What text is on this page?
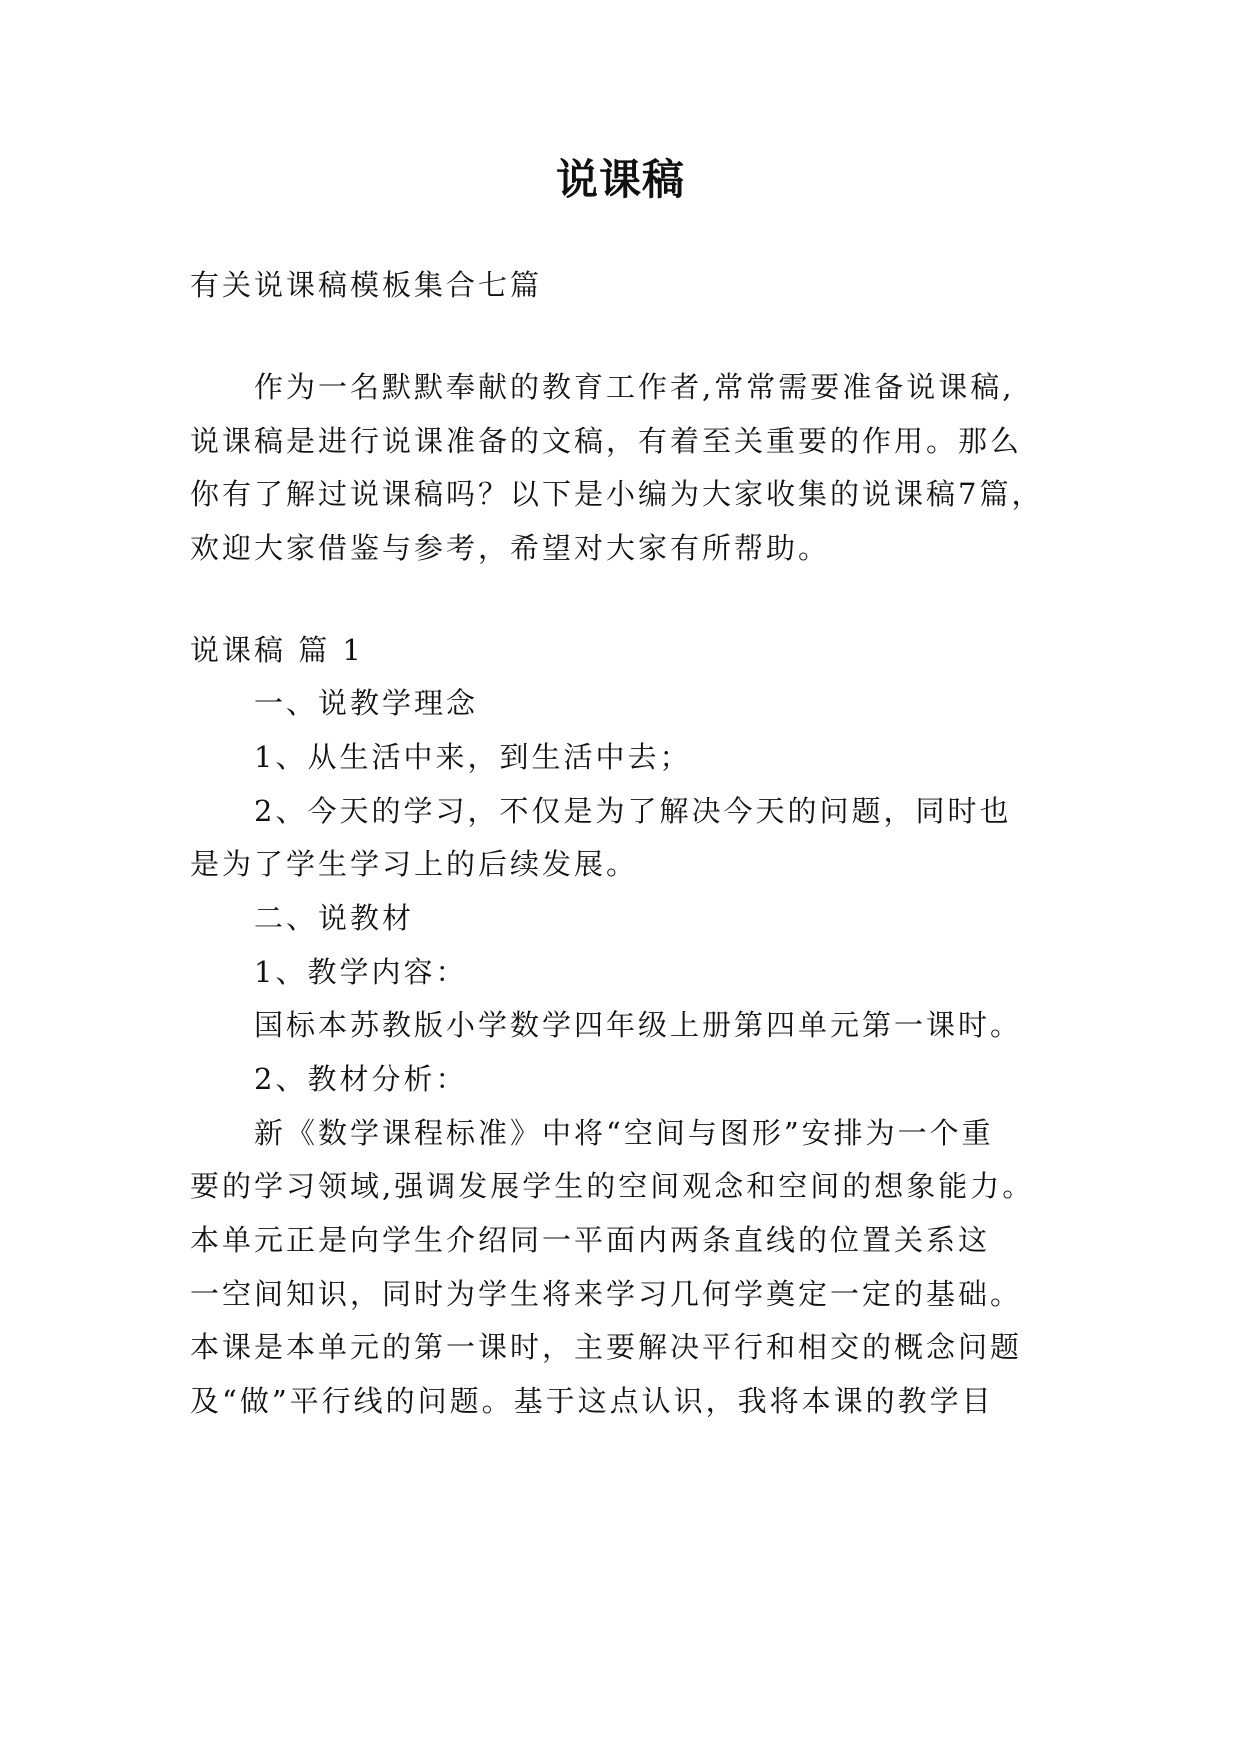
说课稿
有关说课稿模板集合七篇
作为一名默默奉献的教育工作者,常常需要准备说课稿,
说课稿是进行说课准备的文稿，有着至关重要的作用。那么
你有了解过说课稿吗？以下是小编为大家收集的说课稿7篇，
欢迎大家借鉴与参考，希望对大家有所帮助。
说课稿 篇 1
一、说教学理念
1、从生活中来，到生活中去；
2、今天的学习，不仅是为了解决今天的问题，同时也
是为了学生学习上的后续发展。
二、说教材
1、教学内容：
国标本苏教版小学数学四年级上册第四单元第一课时。
2、教材分析：
新《数学课程标准》中将“空间与图形”安排为一个重
要的学习领域,强调发展学生的空间观念和空间的想象能力。
本单元正是向学生介绍同一平面内两条直线的位置关系这
一空间知识，同时为学生将来学习几何学奠定一定的基础。
本课是本单元的第一课时，主要解决平行和相交的概念问题
及“做”平行线的问题。基于这点认识，我将本课的教学目
